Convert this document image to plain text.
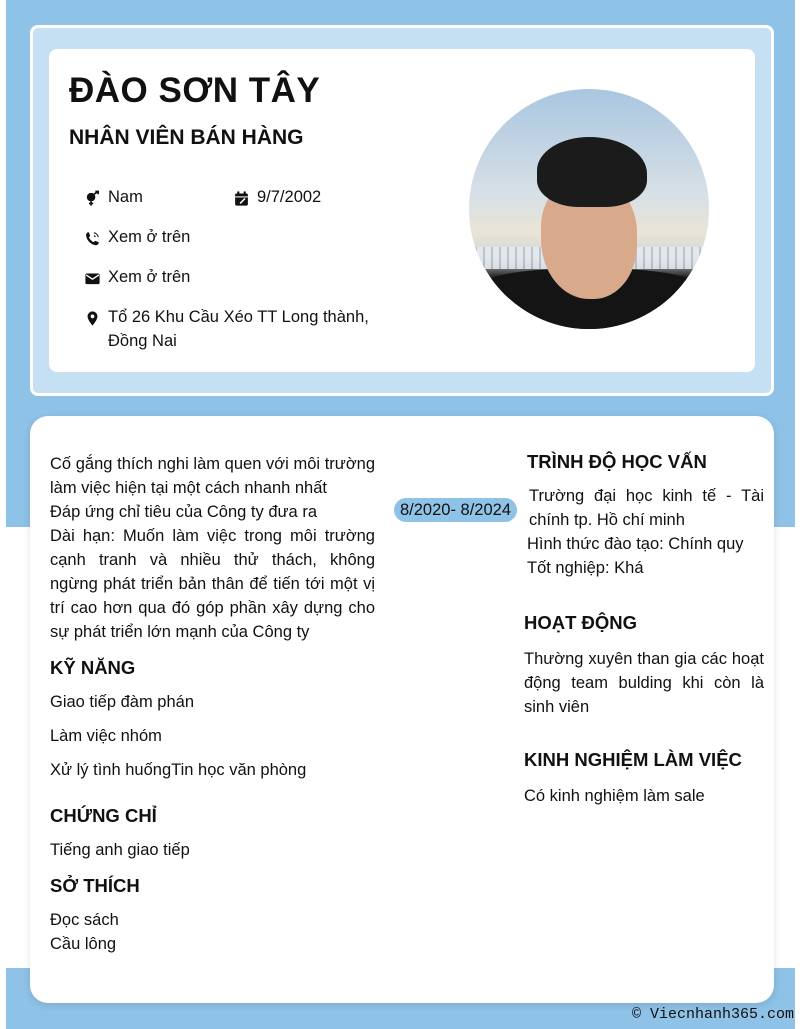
ĐÀO SƠN TÂY
NHÂN VIÊN BÁN HÀNG
Nam	9/7/2002
Xem ở trên
Xem ở trên
Tổ 26 Khu Cầu Xéo TT Long thành,
Đồng Nai
Cố gắng thích nghi làm quen với môi trường làm việc hiện tại một cách nhanh nhất
Đáp ứng chỉ tiêu của Công ty đưa ra
Dài hạn: Muốn làm việc trong môi trường cạnh tranh và nhiều thử thách, không ngừng phát triển bản thân để tiến tới một vị trí cao hơn qua đó góp phần xây dựng cho sự phát triển lớn mạnh của Công ty
KỸ NĂNG
Giao tiếp đàm phán
Làm việc nhóm
Xử lý tình huốngTin học văn phòng
CHỨNG CHỈ
Tiếng anh giao tiếp
SỞ THÍCH
Đọc sách
Cầu lông
8/2020- 8/2024
TRÌNH ĐỘ HỌC VẤN
Trường đại học kinh tế - Tài chính tp. Hồ chí minh
Hình thức đào tạo: Chính quy
Tốt nghiệp: Khá
HOẠT ĐỘNG
Thường xuyên than gia các hoạt động team bulding khi còn là sinh viên
KINH NGHIỆM LÀM VIỆC
Có kinh nghiệm làm sale
© Viecnhanh365.com
